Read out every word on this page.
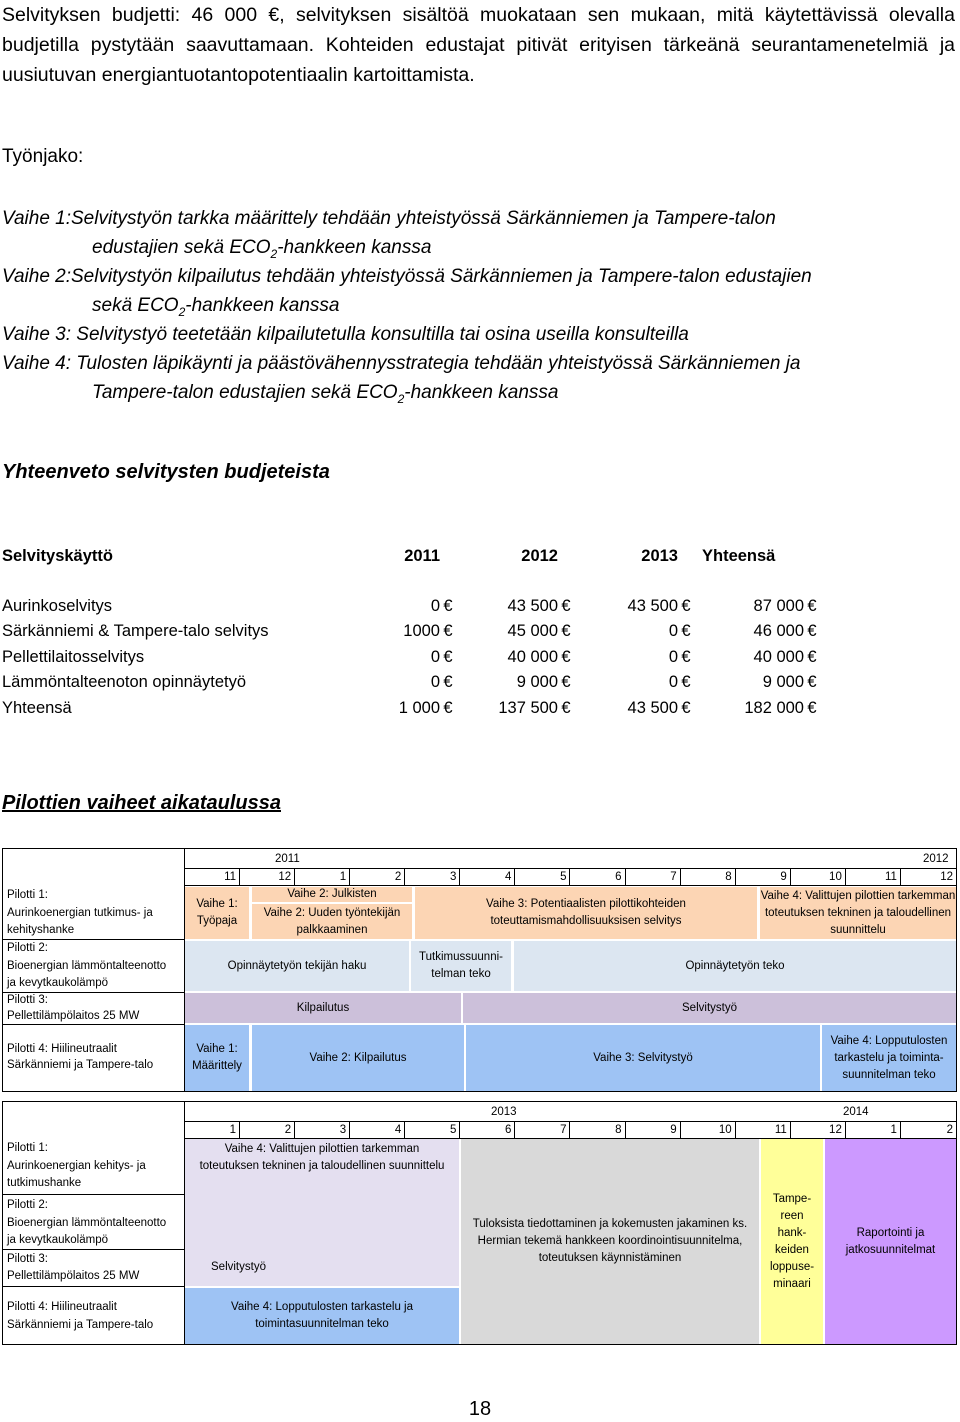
Selvityksen budjetti: 46 000 €, selvityksen sisältöä muokataan sen mukaan, mitä käytettävissä olevalla budjetilla pystytään saavuttamaan. Kohteiden edustajat pitivät erityisen tärkeänä seurantamenetelmiä ja uusiutuvan energiantuotantopotentiaalin kartoittamista.

Työnjako:
Vaihe 1:Selvitystyön tarkka määrittely tehdään yhteistyössä Särkänniemen ja Tampere-talon
edustajien sekä $ECO_2$-hankkeen kanssa
Vaihe 2:Selvitystyön kilpailutus tehdään yhteistyössä Särkänniemen ja Tampere-talon edustajien
sekä $ECO_2$-hankkeen kanssa
Vaihe 3: Selvitystyö teetetään kilpailutetulla konsultilla tai osina useilla konsulteilla
Vaihe 4: Tulosten läpikäynti ja päästövähennysstrategia tehdään yhteistyössä Särkänniemen ja
Tampere-talon edustajien sekä $ECO_2$-hankkeen kanssa
Yhteenveto selvitysten budjeteista
Selvityskäyttö	2011	2012	2013	Yhteensä

Aurinkoselvitys	0 €	43 500 €	43 500 €	87 000 €
Särkänniemi & Tampere-talo selvitys	1000 €	45 000 €	0 €	46 000 €
Pellettilaitosselvitys	0 €	40 000 €	0 €	40 000 €
Lämmöntalteenoton opinnäytetyö	0 €	9 000 €	0 €	9 000 €
Yhteensä	1 000 €	137 500 €	43 500 €	182 000 €
Pilottien vaiheet aikataulussa
2011	2012
11	12	1	2	3	4	5	6	7	8	9	10	11	12
Pilotti 1:
Aurinkoenergian tutkimus- ja
kehityshanke
Pilotti 2:
Bioenergian lämmöntalteenotto
ja kevytkaukolämpö
Pilotti 3:
Pellettilämpölaitos 25 MW
Pilotti 4: Hiilineutraalit
Särkänniemi ja Tampere-talo
Vaihe 1: Työpaja
Vaihe 2: Julkisten
Vaihe 2: Uuden työntekijän palkkaaminen
Vaihe 3: Potentiaalisten pilottikohteiden toteuttamismahdollisuuksisen selvitys
Vaihe 4: Valittujen pilottien tarkemman toteutuksen tekninen ja taloudellinen suunnittelu
Opinnäytetyön tekijän haku
Tutkimussuunni-telman teko
Opinnäytetyön teko
Kilpailutus	Selvitystyö
Vaihe 1: Määrittely
Vaihe 2: Kilpailutus	Vaihe 3: Selvitystyö
Vaihe 4: Lopputulosten tarkastelu ja toiminta-suunnitelman teko
2013	2014
1	2	3	4	5	6	7	8	9	10	11	12	1	2
Pilotti 1:
Aurinkoenergian kehitys- ja
tutkimushanke
Pilotti 2:
Bioenergian lämmöntalteenotto
ja kevytkaukolämpö
Pilotti 3:
Pellettilämpölaitos 25 MW
Pilotti 4: Hiilineutraalit
Särkänniemi ja Tampere-talo
Vaihe 4: Valittujen pilottien tarkemman toteutuksen tekninen ja taloudellinen suunnittelu
Selvitystyö
Vaihe 4: Lopputulosten tarkastelu ja toimintasuunnitelman teko
Tuloksista tiedottaminen ja kokemusten jakaminen ks. Hermian tekemä hankkeen koordinointisuunnitelma, toteutuksen käynnistäminen
Tampe-reen hank-keiden loppuse-minaari
Raportointi ja jatkosuunnitelmat
18
